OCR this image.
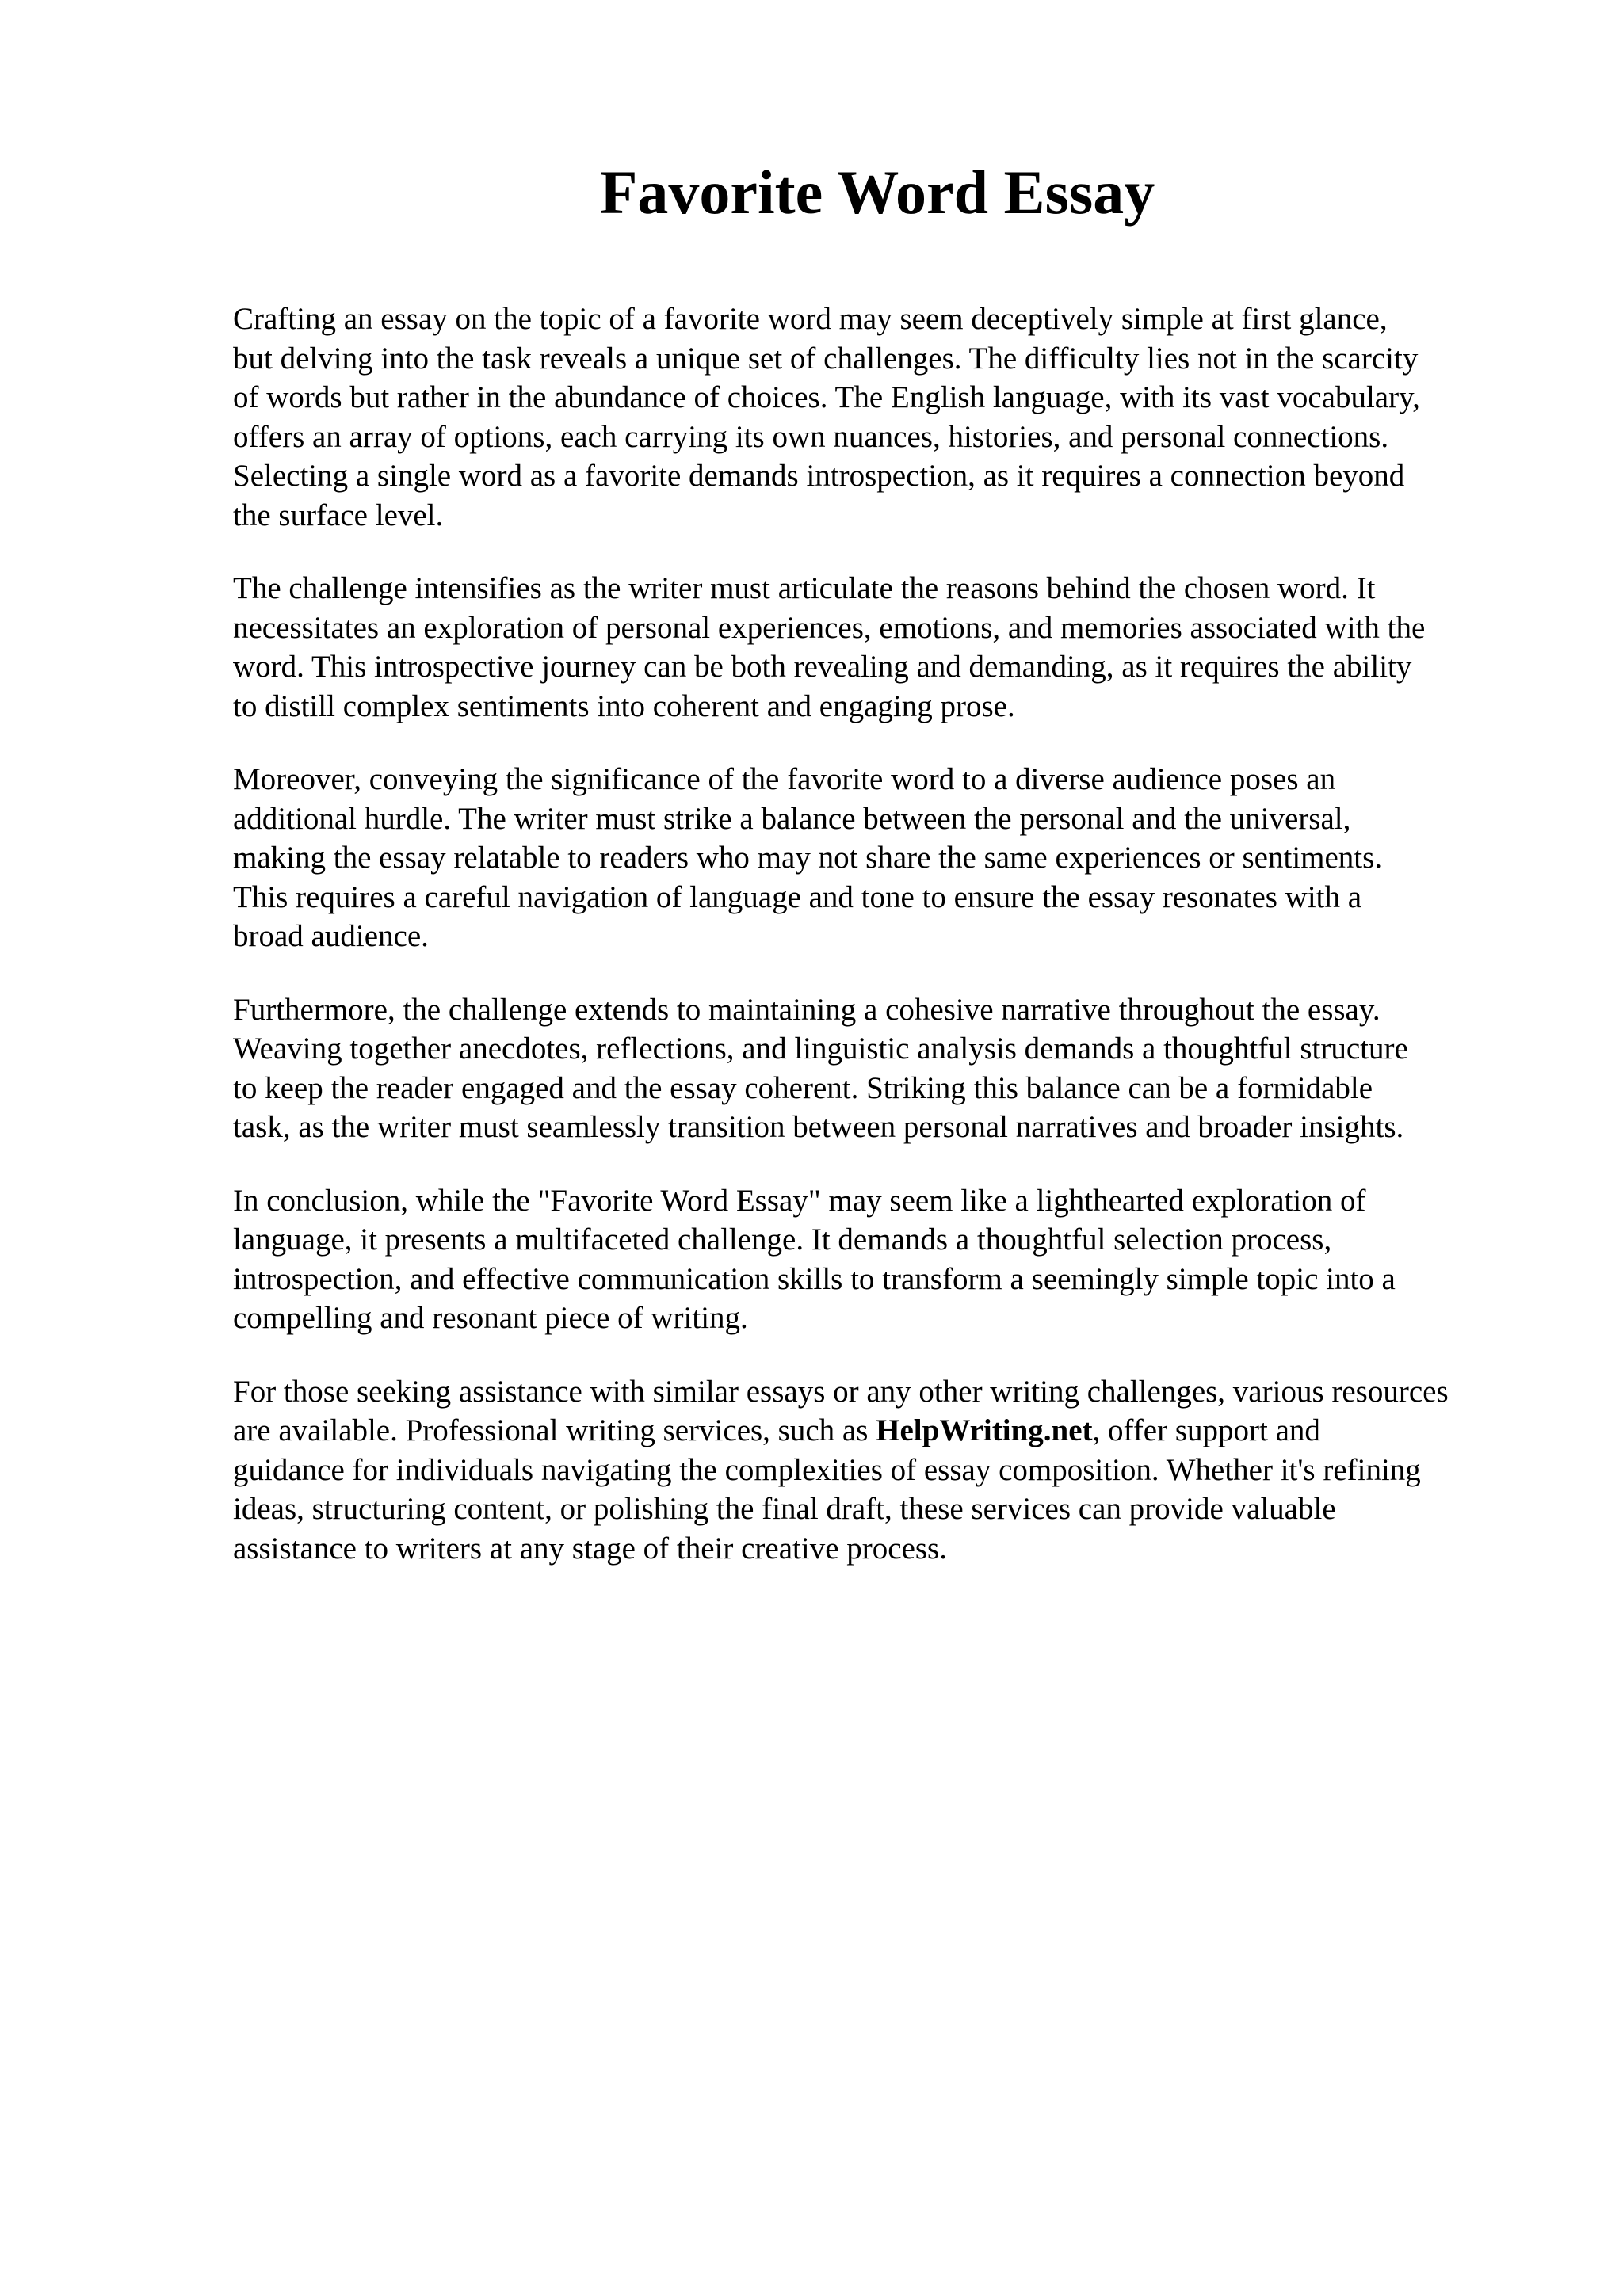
Favorite Word Essay

Crafting an essay on the topic of a favorite word may seem deceptively simple at first glance,
but delving into the task reveals a unique set of challenges. The difficulty lies not in the scarcity
of words but rather in the abundance of choices. The English language, with its vast vocabulary,
offers an array of options, each carrying its own nuances, histories, and personal connections.
Selecting a single word as a favorite demands introspection, as it requires a connection beyond
the surface level.

The challenge intensifies as the writer must articulate the reasons behind the chosen word. It
necessitates an exploration of personal experiences, emotions, and memories associated with the
word. This introspective journey can be both revealing and demanding, as it requires the ability
to distill complex sentiments into coherent and engaging prose.

Moreover, conveying the significance of the favorite word to a diverse audience poses an
additional hurdle. The writer must strike a balance between the personal and the universal,
making the essay relatable to readers who may not share the same experiences or sentiments.
This requires a careful navigation of language and tone to ensure the essay resonates with a
broad audience.

Furthermore, the challenge extends to maintaining a cohesive narrative throughout the essay.
Weaving together anecdotes, reflections, and linguistic analysis demands a thoughtful structure
to keep the reader engaged and the essay coherent. Striking this balance can be a formidable
task, as the writer must seamlessly transition between personal narratives and broader insights.

In conclusion, while the "Favorite Word Essay" may seem like a lighthearted exploration of
language, it presents a multifaceted challenge. It demands a thoughtful selection process,
introspection, and effective communication skills to transform a seemingly simple topic into a
compelling and resonant piece of writing.

For those seeking assistance with similar essays or any other writing challenges, various resources
are available. Professional writing services, such as HelpWriting.net, offer support and
guidance for individuals navigating the complexities of essay composition. Whether it's refining
ideas, structuring content, or polishing the final draft, these services can provide valuable
assistance to writers at any stage of their creative process.
